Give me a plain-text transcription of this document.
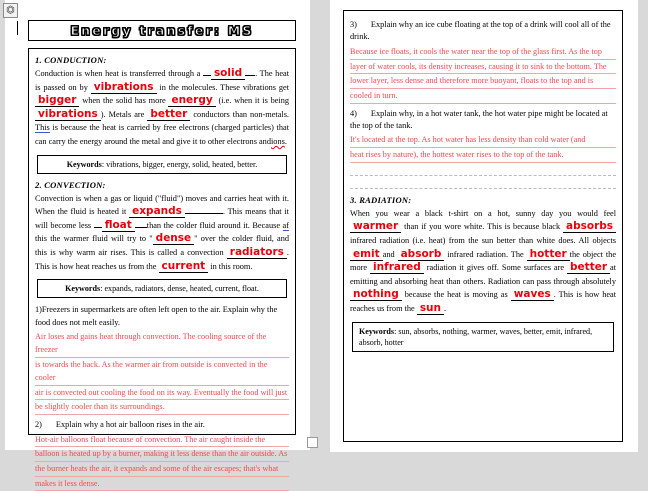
⏣
Energy transfer: MS
1. CONDUCTION:
Conduction is when heat is transferred through a solid . The heat is passed on by vibrations in the molecules. These vibrations get bigger when the solid has more energy (i.e. when it is being vibrations ). Metals are better conductors than non-metals. This is because the heat is carried by free electrons (charged particles) that can carry the energy around the metal and give it to other electrons andions.
Keywords: vibrations, bigger, energy, solid, heated, better.
2. CONVECTION:
Convection is when a gas or liquid ("fluid") moves and carries heat with it. When the fluid is heated it expands	. This means that it will become less float than the colder fluid around it. Because af this the warmer fluid will try to " dense " over the colder fluid, and this is why warm air rises. This is called a convection radiators . This is how heat reaches us from the current in this room.
Keywords: expands, radiators, dense, heated, current, float.
1)Freezers in supermarkets are often left open to the air. Explain why the food does not melt easily.
Air loses and gains heat through convection. The cooling source of the freezer
is towards the back. As the warmer air from outside is convected in the cooler
air is convected out cooling the food on its way. Eventually the food will just
be slightly cooler than its surroundings.
2) Explain why a hot air balloon rises in the air.
Hot-air balloons float because of convection. The air caught inside the
balloon is heated up by a burner, making it less dense than the air outside. As
the burner heats the air, it expands and some of the air escapes; that's what
makes it less dense.
3) Explain why an ice cube floating at the top of a drink will cool all of the drink.
Because ice floats, it cools the water near the top of the glass first. As the top
layer of water cools, its density increases, causing it to sink to the bottom. The
lower layer, less dense and therefore more buoyant, floats to the top and is
cooled in turn.
4) Explain why, in a hot water tank, the hot water pipe might be located at the top of the tank.
It's located at the top. As hot water has less density than cold water (and
heat rises by nature), the hottest water rises to the top of the tank.
3. RADIATION:
When you wear a black t-shirt on a hot, sunny day you would feel warmer than if you wore white. This is because black absorbs infrared radiation (i.e. heat) from the sun better than white does. All objects emit and absorb infrared radiation. The hotter the object the more infrared radiation it gives off. Some surfaces are better at emitting and absorbing heat than others. Radiation can pass through absolutely nothing because the heat is moving as waves . This is how heat reaches us from the sun .
Keywords: sun, absorbs, nothing, warmer, waves, better, emit, infrared, absorb, hotter
